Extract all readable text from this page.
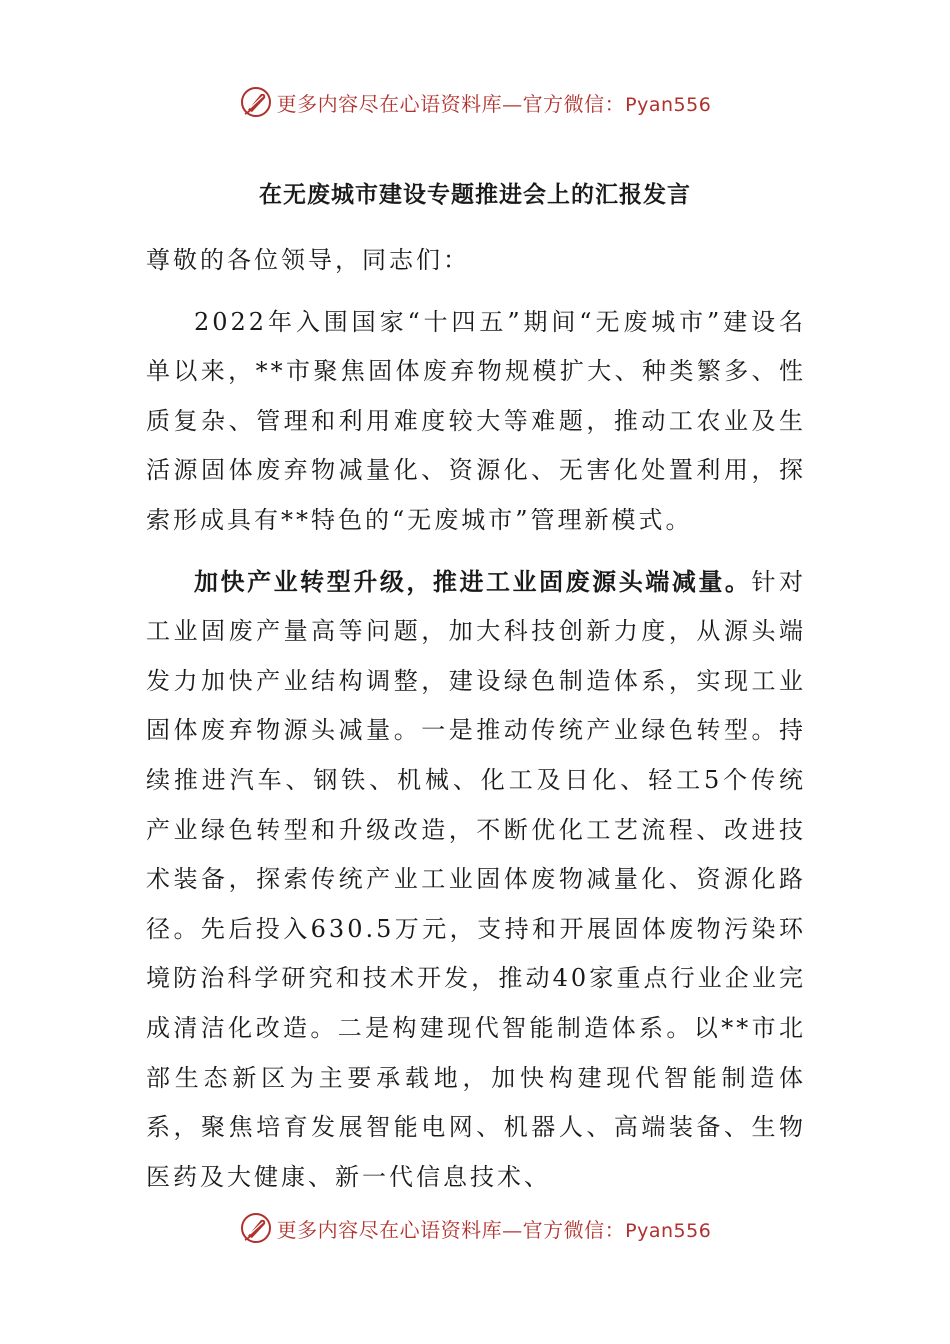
更多内容尽在心语资料库—官方微信：Pyan556
在无废城市建设专题推进会上的汇报发言

尊敬的各位领导，同志们：

2022年入围国家“十四五”期间“无废城市”建设名单以来，**市聚焦固体废弃物规模扩大、种类繁多、性质复杂、管理和利用难度较大等难题，推动工农业及生活源固体废弃物减量化、资源化、无害化处置利用，探索形成具有**特色的“无废城市”管理新模式。

加快产业转型升级，推进工业固废源头端减量。针对工业固废产量高等问题，加大科技创新力度，从源头端发力加快产业结构调整，建设绿色制造体系，实现工业固体废弃物源头减量。一是推动传统产业绿色转型。持续推进汽车、钢铁、机械、化工及日化、轻工5个传统产业绿色转型和升级改造，不断优化工艺流程、改进技术装备，探索传统产业工业固体废物减量化、资源化路径。先后投入630.5万元，支持和开展固体废物污染环境防治科学研究和技术开发，推动40家重点行业企业完成清洁化改造。二是构建现代智能制造体系。以**市北部生态新区为主要承载地，加快构建现代智能制造体系，聚焦培育发展智能电网、机器人、高端装备、生物医药及大健康、新一代信息技术、

更多内容尽在心语资料库—官方微信：Pyan556
